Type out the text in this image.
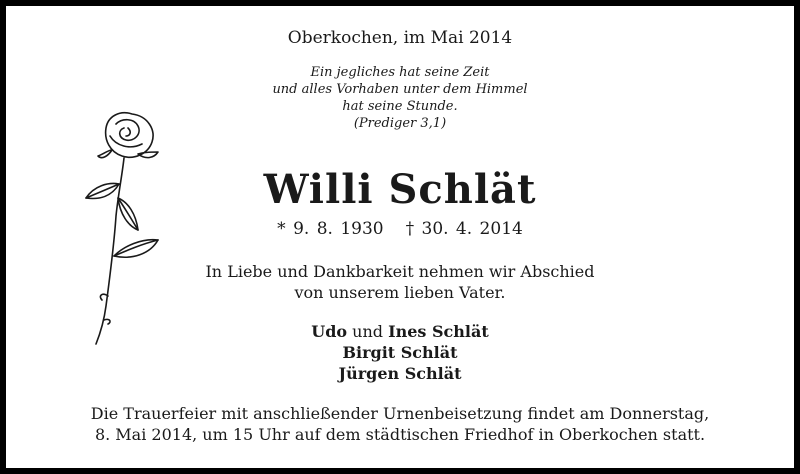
Oberkochen, im Mai 2014
Ein jegliches hat seine Zeit
und alles Vorhaben unter dem Himmel
hat seine Stunde.
(Prediger 3,1)
Willi Schlät
* 9. 8. 1930 † 30. 4. 2014
In Liebe und Dankbarkeit nehmen wir Abschied
von unserem lieben Vater.
Udo und Ines Schlät
Birgit Schlät
Jürgen Schlät
Die Trauerfeier mit anschließender Urnenbeisetzung findet am Donnerstag,
8. Mai 2014, um 15 Uhr auf dem städtischen Friedhof in Oberkochen statt.
